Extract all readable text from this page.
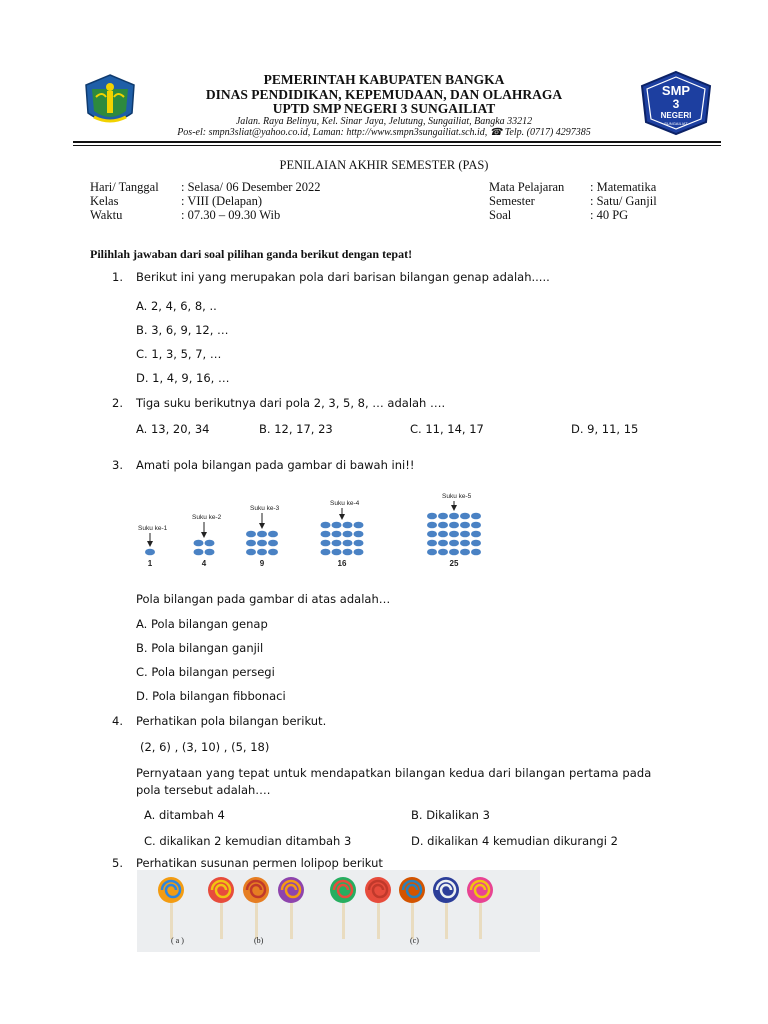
SMP
3
NEGERI
SUNGAILIAT
PEMERINTAH KABUPATEN BANGKA
DINAS PENDIDIKAN, KEPEMUDAAN, DAN OLAHRAGA
UPTD SMP NEGERI 3 SUNGAILIAT
Jalan. Raya Belinyu, Kel. Sinar Jaya, Jelutung, Sungailiat, Bangka 33212
Pos-el: smpn3sliat@yahoo.co.id, Laman: http://www.smpn3sungailiat.sch.id, ☎ Telp. (0717) 4297385
PENILAIAN AKHIR SEMESTER (PAS)
Hari/ Tanggal : Selasa/ 06 Desember 2022
Kelas	: VIII (Delapan)
Waktu	: 07.30 – 09.30 Wib
Mata Pelajaran : Matematika
Semester	: Satu/ Ganjil
Soal	: 40 PG
Pilihlah jawaban dari soal pilihan ganda berikut dengan tepat!
1. Berikut ini yang merupakan pola dari barisan bilangan genap adalah.....
A. 2, 4, 6, 8, ..
B. 3, 6, 9, 12, …
C. 1, 3, 5, 7, …
D. 1, 4, 9, 16, …
2. Tiga suku berikutnya dari pola 2, 3, 5, 8, … adalah ….
A. 13, 20, 34	B. 12, 17, 23	C. 11, 14, 17	D. 9, 11, 15
3. Amati pola bilangan pada gambar di bawah ini!!
Suku ke-1
1
Suku ke-2
4
Suku ke-3
9
Suku ke-4
16
Suku ke-5
25
Pola bilangan pada gambar di atas adalah…
A. Pola bilangan genap
B. Pola bilangan ganjil
C. Pola bilangan persegi
D. Pola bilangan fibbonaci
4. Perhatikan pola bilangan berikut.
(2, 6) , (3, 10) , (5, 18)
Pernyataan yang tepat untuk mendapatkan bilangan kedua dari bilangan pertama pada
pola tersebut adalah….
A. ditambah 4	B. Dikalikan 3
C. dikalikan 2 kemudian ditambah 3	D. dikalikan 4 kemudian dikurangi 2
5. Perhatikan susunan permen lolipop berikut
( a )	(b)	(c)
